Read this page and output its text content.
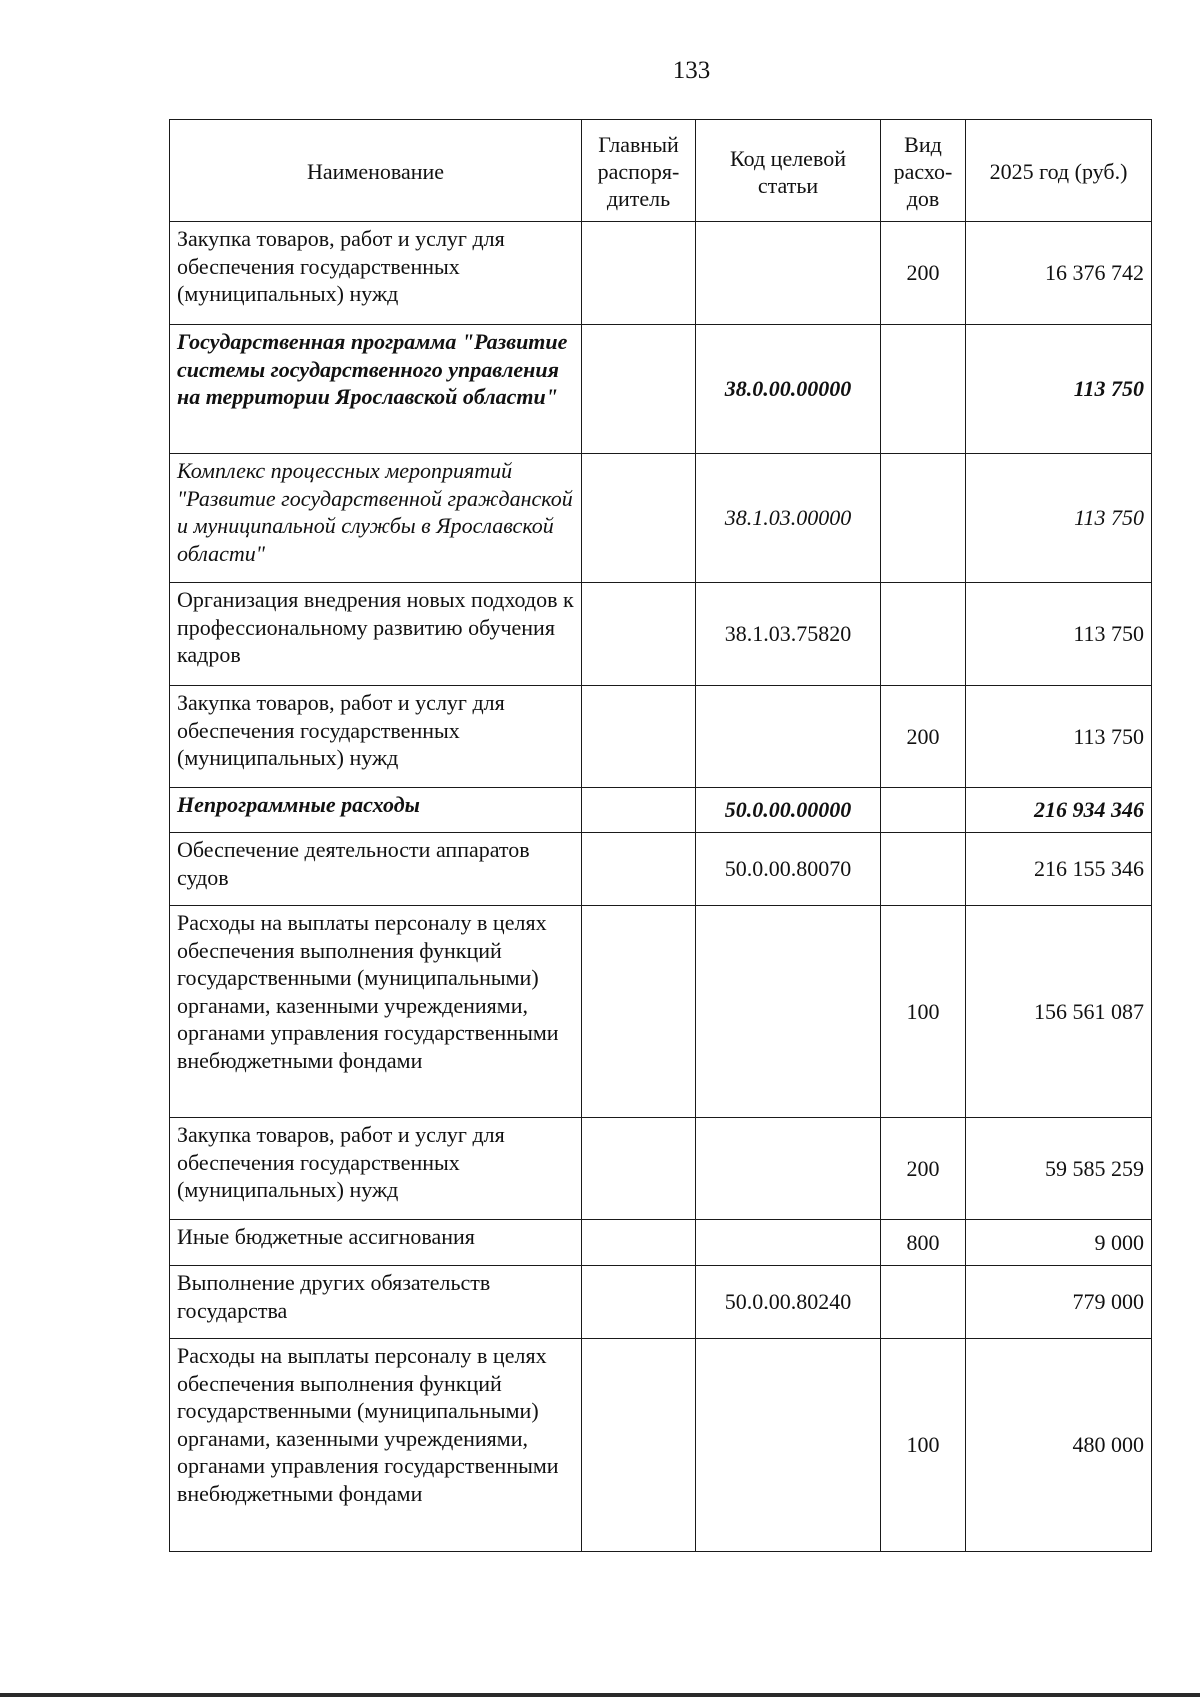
133
Наименование	Главный распоря-дитель	Код целевой статьи	Вид расхо-дов	2025 год (руб.)
Закупка товаров, работ и услуг для обеспечения государственных (муниципальных) нужд			200	16 376 742
Государственная программа "Развитие системы государственного управления на территории Ярославской области"		38.0.00.00000		113 750
Комплекс процессных мероприятий "Развитие государственной гражданской и муниципальной службы в Ярославской области"		38.1.03.00000		113 750
Организация внедрения новых подходов к профессиональному развитию обучения кадров		38.1.03.75820		113 750
Закупка товаров, работ и услуг для обеспечения государственных (муниципальных) нужд			200	113 750
Непрограммные расходы		50.0.00.00000		216 934 346
Обеспечение деятельности аппаратов судов		50.0.00.80070		216 155 346
Расходы на выплаты персоналу в целях обеспечения выполнения функций государственными (муниципальными) органами, казенными учреждениями, органами управления государственными внебюджетными фондами			100	156 561 087
Закупка товаров, работ и услуг для обеспечения государственных (муниципальных) нужд			200	59 585 259
Иные бюджетные ассигнования			800	9 000
Выполнение других обязательств государства		50.0.00.80240		779 000
Расходы на выплаты персоналу в целях обеспечения выполнения функций государственными (муниципальными) органами, казенными учреждениями, органами управления государственными внебюджетными фондами			100	480 000
